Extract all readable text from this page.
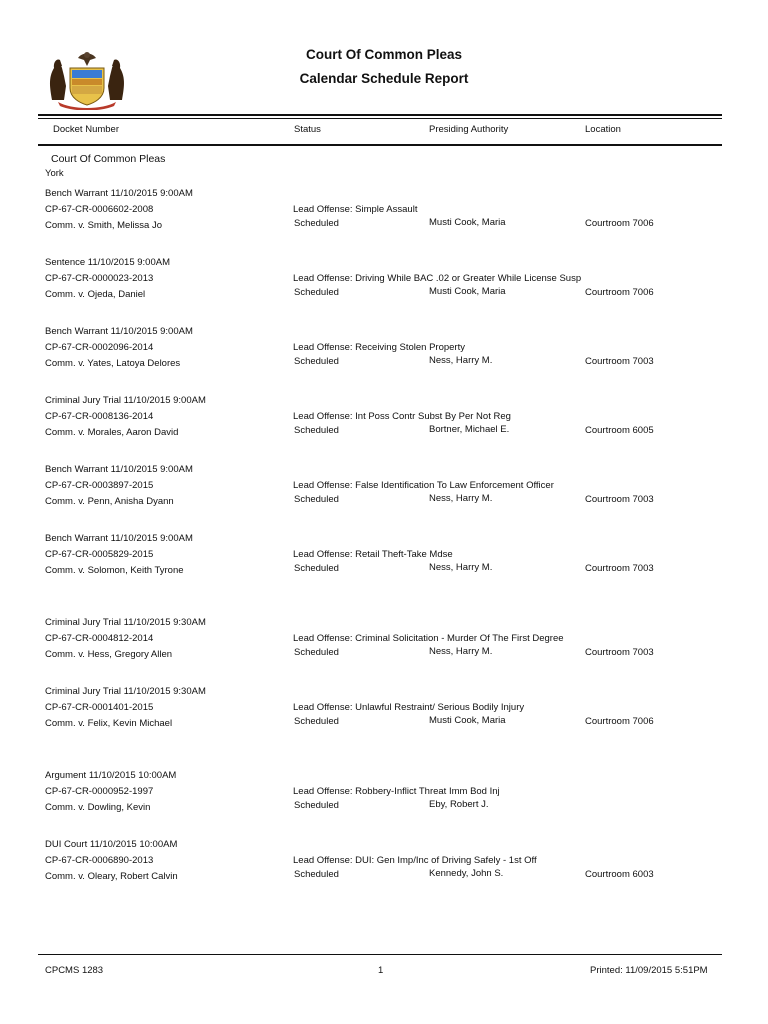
Court Of Common Pleas
Calendar Schedule Report
Docket Number	Status	Presiding Authority	Location
Court Of Common Pleas
York
Bench Warrant 11/10/2015 9:00AM
CP-67-CR-0006602-2008
Comm. v. Smith, Melissa Jo
Lead Offense: Simple Assault
Scheduled	Musti Cook, Maria	Courtroom 7006
Sentence 11/10/2015 9:00AM
CP-67-CR-0000023-2013
Comm. v. Ojeda, Daniel
Lead Offense: Driving While BAC .02 or Greater While License Susp
Scheduled	Musti Cook, Maria	Courtroom 7006
Bench Warrant 11/10/2015 9:00AM
CP-67-CR-0002096-2014
Comm. v. Yates, Latoya Delores
Lead Offense: Receiving Stolen Property
Scheduled	Ness, Harry M.	Courtroom 7003
Criminal Jury Trial 11/10/2015 9:00AM
CP-67-CR-0008136-2014
Comm. v. Morales, Aaron David
Lead Offense: Int Poss Contr Subst By Per Not Reg
Scheduled	Bortner, Michael E.	Courtroom 6005
Bench Warrant 11/10/2015 9:00AM
CP-67-CR-0003897-2015
Comm. v. Penn, Anisha Dyann
Lead Offense: False Identification To Law Enforcement Officer
Scheduled	Ness, Harry M.	Courtroom 7003
Bench Warrant 11/10/2015 9:00AM
CP-67-CR-0005829-2015
Comm. v. Solomon, Keith Tyrone
Lead Offense: Retail Theft-Take Mdse
Scheduled	Ness, Harry M.	Courtroom 7003
Criminal Jury Trial 11/10/2015 9:30AM
CP-67-CR-0004812-2014
Comm. v. Hess, Gregory Allen
Lead Offense: Criminal Solicitation - Murder Of The First Degree
Scheduled	Ness, Harry M.	Courtroom 7003
Criminal Jury Trial 11/10/2015 9:30AM
CP-67-CR-0001401-2015
Comm. v. Felix, Kevin Michael
Lead Offense: Unlawful Restraint/ Serious Bodily Injury
Scheduled	Musti Cook, Maria	Courtroom 7006
Argument 11/10/2015 10:00AM
CP-67-CR-0000952-1997
Comm. v. Dowling, Kevin
Lead Offense: Robbery-Inflict Threat Imm Bod Inj
Scheduled	Eby, Robert J.
DUI Court 11/10/2015 10:00AM
CP-67-CR-0006890-2013
Comm. v. Oleary, Robert Calvin
Lead Offense: DUI: Gen Imp/Inc of Driving Safely - 1st Off
Scheduled	Kennedy, John S.	Courtroom 6003
CPCMS 1283	1	Printed: 11/09/2015 5:51PM
